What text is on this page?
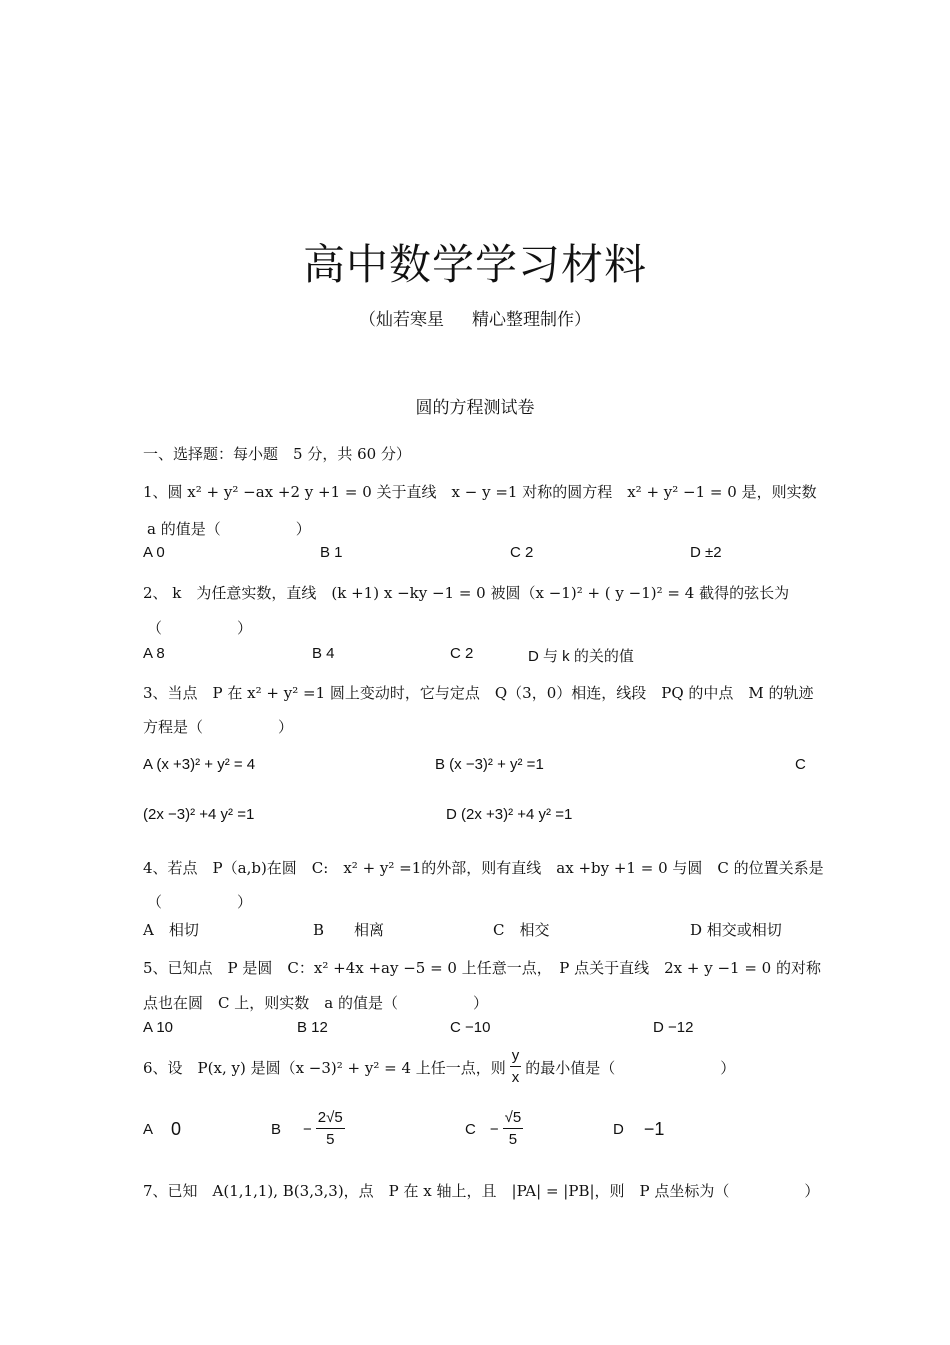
高中数学学习材料
（灿若寒星 精心整理制作）
圆的方程测试卷
一、选择题：每小题　5 分，共 60 分）
1、圆 x² + y² −ax +2 y +1 = 0 关于直线　x − y =1 对称的圆方程　x² + y² −1 = 0 是，则实数
a 的值是（　　　　　）
A 0	B 1	C 2	D ±2
2、 k　为任意实数，直线　(k +1) x −ky −1 = 0 被圆（x −1)² + ( y −1)² = 4 截得的弦长为
（　　　　　）
A 8	B 4	C 2	D 与 k 的关的值
3、当点　P 在 x² + y² =1 圆上变动时，它与定点　Q（3，0）相连，线段　PQ 的中点　M 的轨迹
方程是（　　　　　）
A (x +3)² + y² = 4	B (x −3)² + y² =1	C
(2x −3)² +4 y² =1	D (2x +3)² +4 y² =1
4、若点　P（a,b)在圆　C:　x² + y² =1的外部，则有直线　ax +by +1 = 0 与圆　C 的位置关系是
（　　　　　）
A　相切	B　　相离	C　相交	D 相交或相切
5、已知点　P 是圆　C：x² +4x +ay −5 = 0 上任意一点，　P 点关于直线　2x + y −1 = 0 的对称
点也在圆　C 上，则实数　a 的值是（　　　　　）
A 10	B 12	C −10	D −12
6、设　P(x, y) 是圆（x −3)² + y² = 4 上任一点，则 $\frac{y}{x}$ 的最小值是（　　　　　　　）
A 0	$B - \frac{2√5}{5}$	$C - \frac{√5}{5}$	D −1
7、已知　A(1,1,1), B(3,3,3)，点　P 在 x 轴上，且　|PA| = |PB|，则　P 点坐标为（　　　　　）
